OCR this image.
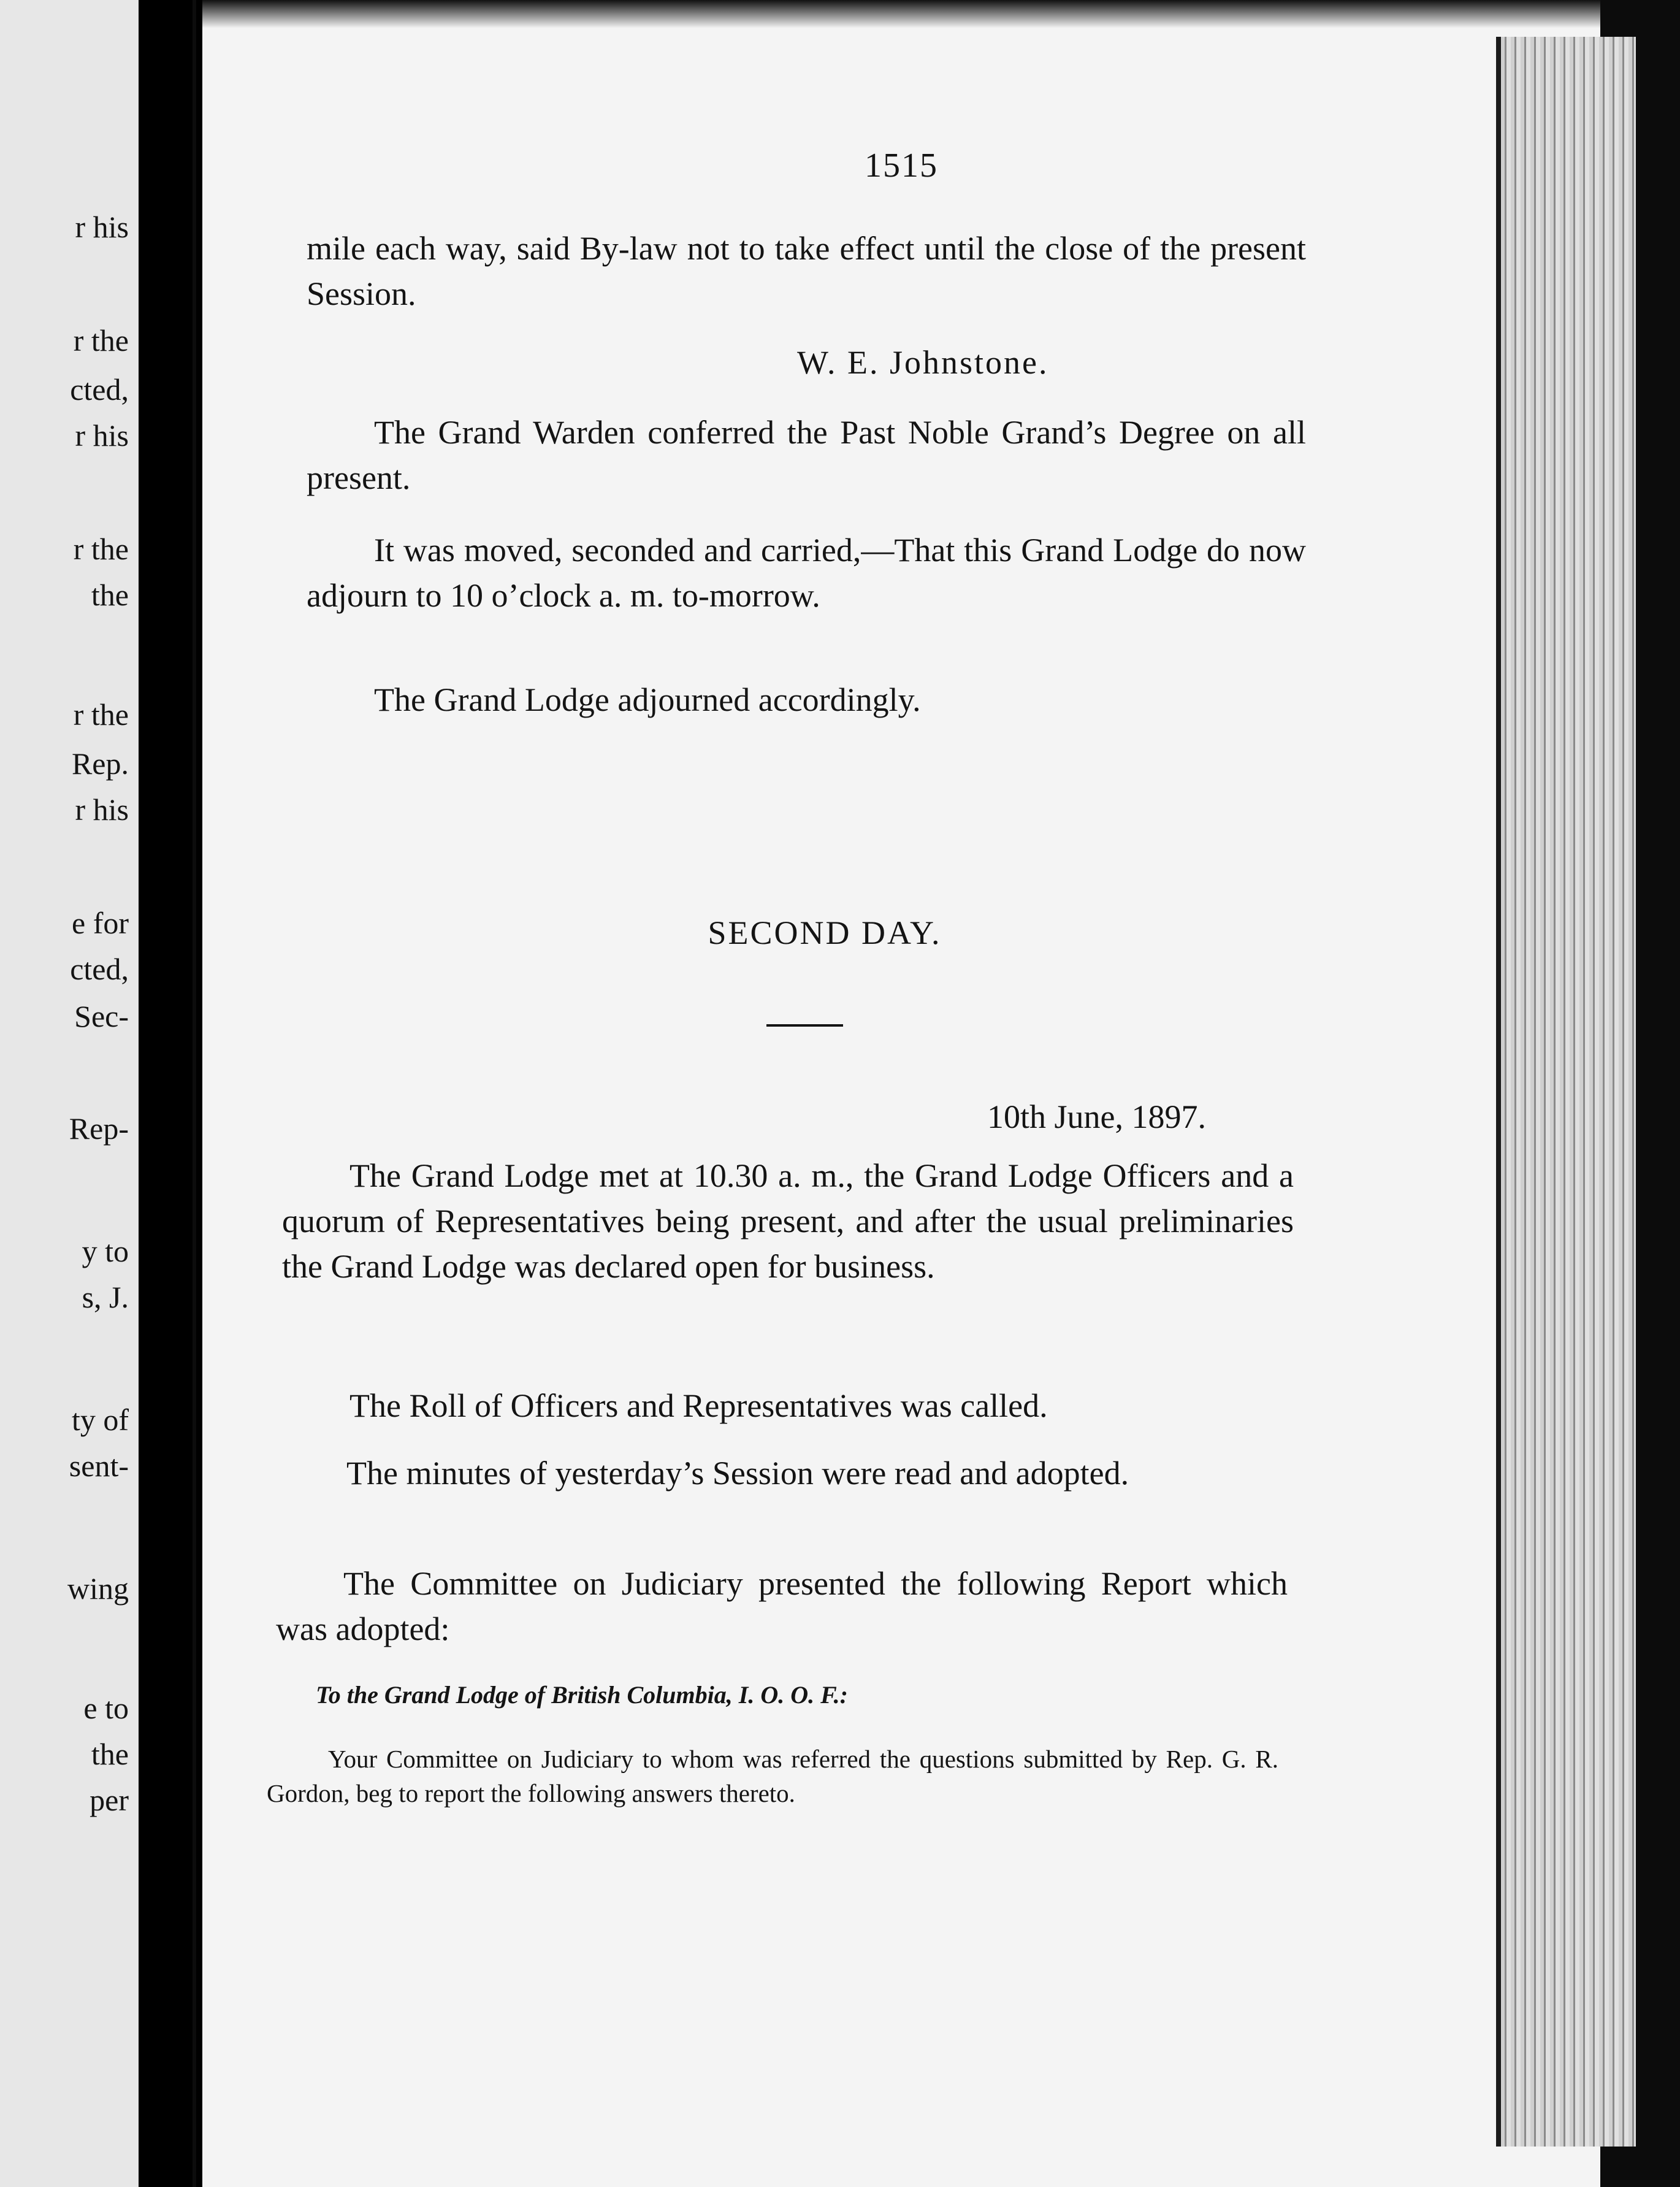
r his
r the
cted,
r his
r the
the
r the
Rep.
r his
e for
cted,
Sec-
Rep-
y to
s, J.
ty of
sent-
wing
e to
the
per
1515

mile each way, said By-law not to take effect until the close of the present Session.

W. E. Johnstone.

The Grand Warden conferred the Past Noble Grand’s Degree on all present.

It was moved, seconded and carried,—That this Grand Lodge do now adjourn to 10 o’clock a. m. to-morrow.

The Grand Lodge adjourned accordingly.

SECOND DAY.
10th June, 1897.

The Grand Lodge met at 10.30 a. m., the Grand Lodge Officers and a quorum of Representatives being present, and after the usual preliminaries the Grand Lodge was declared open for business.

The Roll of Officers and Representatives was called.

The minutes of yesterday’s Session were read and adopted.

The Committee on Judiciary presented the following Report which was adopted:

To the Grand Lodge of British Columbia, I. O. O. F.:

Your Committee on Judiciary to whom was referred the questions submitted by Rep. G. R. Gordon, beg to report the following answers thereto.
